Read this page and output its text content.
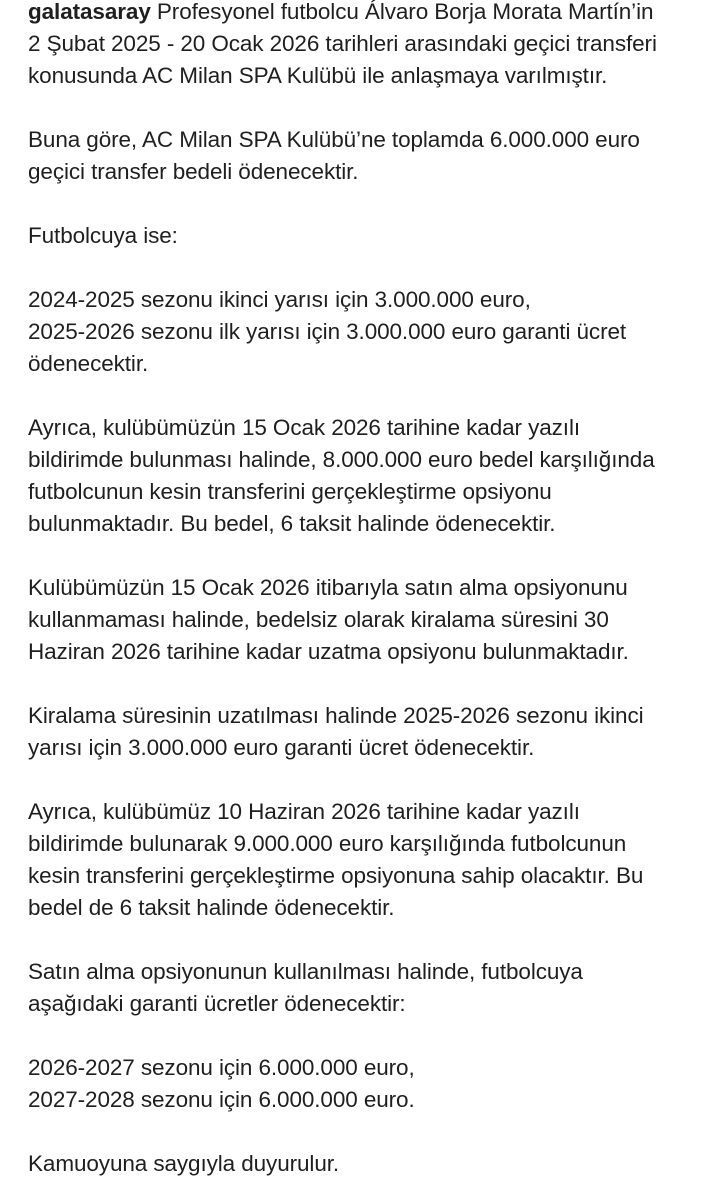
galatasaray Profesyonel futbolcu Álvaro Borja Morata Martín’in
2 Şubat 2025 - 20 Ocak 2026 tarihleri arasındaki geçici transferi
konusunda AC Milan SPA Kulübü ile anlaşmaya varılmıştır.

Buna göre, AC Milan SPA Kulübü’ne toplamda 6.000.000 euro
geçici transfer bedeli ödenecektir.

Futbolcuya ise:

2024-2025 sezonu ikinci yarısı için 3.000.000 euro,
2025-2026 sezonu ilk yarısı için 3.000.000 euro garanti ücret
ödenecektir.

Ayrıca, kulübümüzün 15 Ocak 2026 tarihine kadar yazılı
bildirimde bulunması halinde, 8.000.000 euro bedel karşılığında
futbolcunun kesin transferini gerçekleştirme opsiyonu
bulunmaktadır. Bu bedel, 6 taksit halinde ödenecektir.

Kulübümüzün 15 Ocak 2026 itibarıyla satın alma opsiyonunu
kullanmaması halinde, bedelsiz olarak kiralama süresini 30
Haziran 2026 tarihine kadar uzatma opsiyonu bulunmaktadır.

Kiralama süresinin uzatılması halinde 2025-2026 sezonu ikinci
yarısı için 3.000.000 euro garanti ücret ödenecektir.

Ayrıca, kulübümüz 10 Haziran 2026 tarihine kadar yazılı
bildirimde bulunarak 9.000.000 euro karşılığında futbolcunun
kesin transferini gerçekleştirme opsiyonuna sahip olacaktır. Bu
bedel de 6 taksit halinde ödenecektir.

Satın alma opsiyonunun kullanılması halinde, futbolcuya
aşağıdaki garanti ücretler ödenecektir:

2026-2027 sezonu için 6.000.000 euro,
2027-2028 sezonu için 6.000.000 euro.

Kamuoyuna saygıyla duyurulur.
